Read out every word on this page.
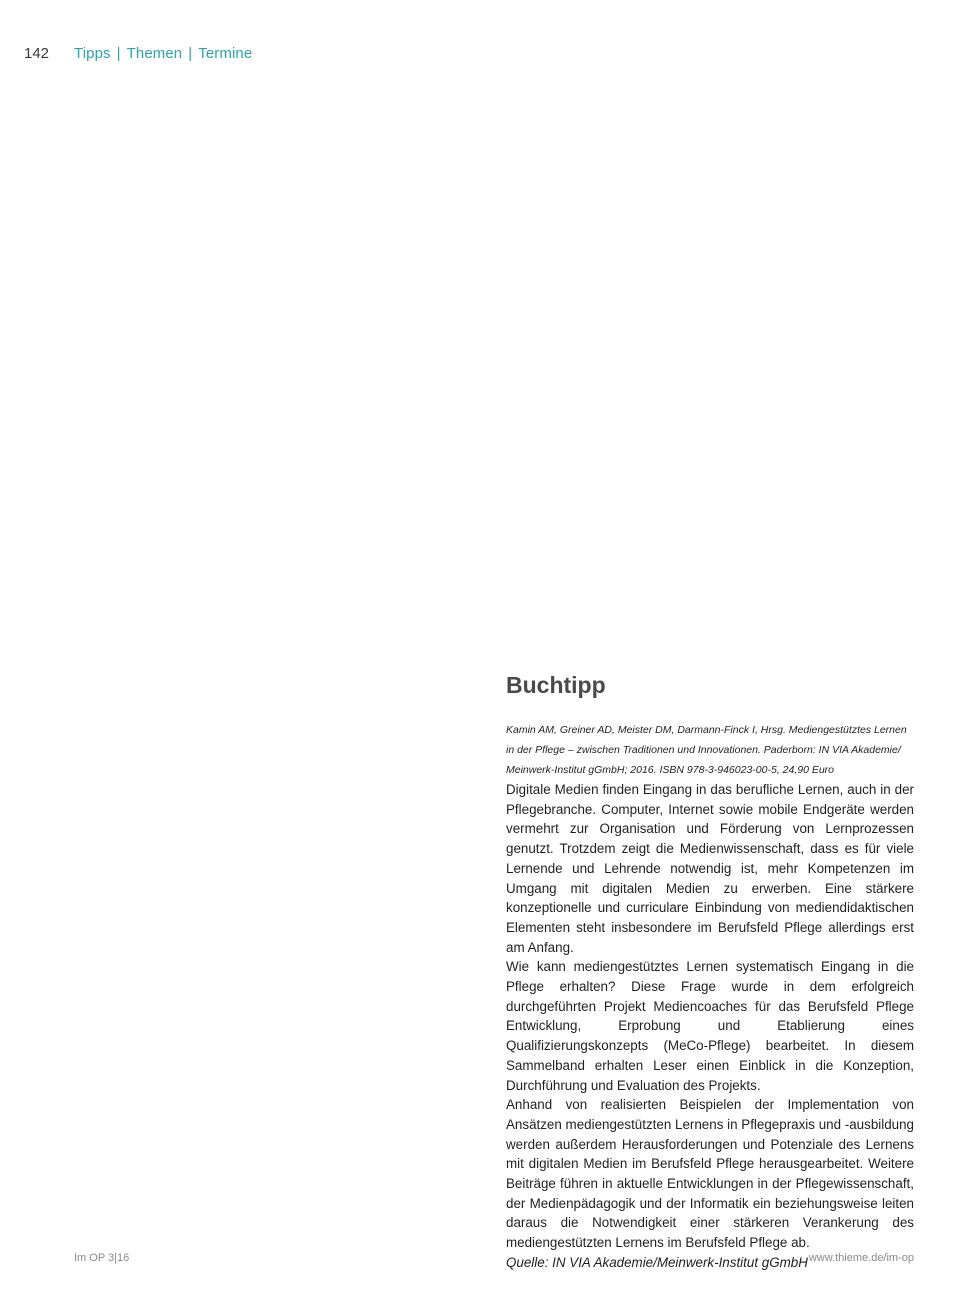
142 Tipps | Themen | Termine
Buchtipp

Kamin AM, Greiner AD, Meister DM, Darmann-Finck I, Hrsg. Mediengestütztes Lernen

in der Pflege – zwischen Traditionen und Innovationen. Paderborn: IN VIA Akademie/

Meinwerk-Institut gGmbH; 2016. ISBN 978-3-946023-00-5, 24,90 Euro

Digitale Medien finden Eingang in das berufliche Lernen, auch in der Pflegebranche. Computer, Internet sowie mobile Endgeräte werden vermehrt zur Organisation und Förderung von Lernprozessen genutzt. Trotzdem zeigt die Medienwissenschaft, dass es für viele Lernende und Lehrende notwendig ist, mehr Kompetenzen im Umgang mit digitalen Medien zu erwerben. Eine stärkere konzeptionelle und curriculare Einbindung von mediendidaktischen Elementen steht insbesondere im Berufsfeld Pflege allerdings erst am Anfang.

Wie kann mediengestütztes Lernen systematisch Eingang in die Pflege erhalten? Diese Frage wurde in dem erfolgreich durchgeführten Projekt Mediencoaches für das Berufsfeld Pflege Entwicklung, Erprobung und Etablierung eines Qualifizierungskonzepts (MeCo-Pflege) bearbeitet. In diesem Sammelband erhalten Leser einen Einblick in die Konzeption, Durchführung und Evaluation des Projekts.

Anhand von realisierten Beispielen der Implementation von Ansätzen mediengestützten Lernens in Pflegepraxis und -ausbildung werden außerdem Herausforderungen und Potenziale des Lernens mit digitalen Medien im Berufsfeld Pflege herausgearbeitet. Weitere Beiträge führen in aktuelle Entwicklungen in der Pflegewissenschaft, der Medienpädagogik und der Informatik ein beziehungsweise leiten daraus die Notwendigkeit einer stärkeren Verankerung des mediengestützten Lernens im Berufsfeld Pflege ab.

Quelle: IN VIA Akademie/Meinwerk-Institut gGmbH

Im OP 3|16	www.thieme.de/im-op
